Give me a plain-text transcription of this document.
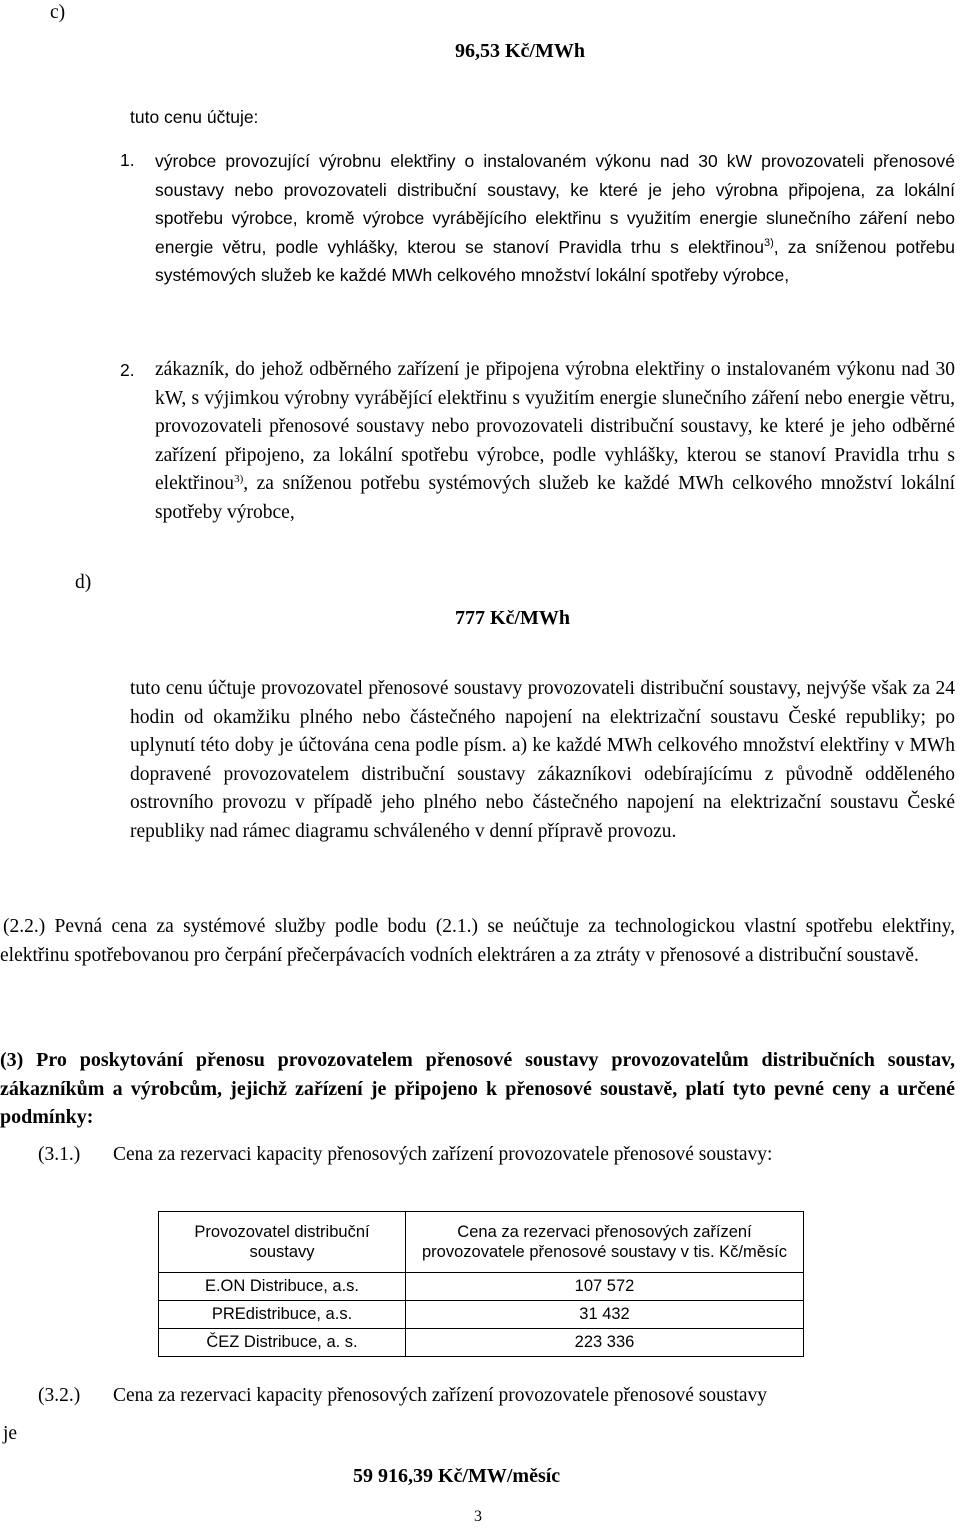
c)
96,53 Kč/MWh
tuto cenu účtuje:
1. výrobce provozující výrobnu elektřiny o instalovaném výkonu nad 30 kW provozovateli přenosové soustavy nebo provozovateli distribuční soustavy, ke které je jeho výrobna připojena, za lokální spotřebu výrobce, kromě výrobce vyrábějícího elektřinu s využitím energie slunečního záření nebo energie větru, podle vyhlášky, kterou se stanoví Pravidla trhu s elektřinou$^{3)}$, za sníženou potřebu systémových služeb ke každé MWh celkového množství lokální spotřeby výrobce,
2. zákazník, do jehož odběrného zařízení je připojena výrobna elektřiny o instalovaném výkonu nad 30 kW, s výjimkou výrobny vyrábějící elektřinu s využitím energie slunečního záření nebo energie větru, provozovateli přenosové soustavy nebo provozovateli distribuční soustavy, ke které je jeho odběrné zařízení připojeno, za lokální spotřebu výrobce, podle vyhlášky, kterou se stanoví Pravidla trhu s elektřinou$^{3)}$, za sníženou potřebu systémových služeb ke každé MWh celkového množství lokální spotřeby výrobce,
d)
777 Kč/MWh
tuto cenu účtuje provozovatel přenosové soustavy provozovateli distribuční soustavy, nejvýše však za 24 hodin od okamžiku plného nebo částečného napojení na elektrizační soustavu České republiky; po uplynutí této doby je účtována cena podle písm. a) ke každé MWh celkového množství elektřiny v MWh dopravené provozovatelem distribuční soustavy zákazníkovi odebírajícímu z původně odděleného ostrovního provozu v případě jeho plného nebo částečného napojení na elektrizační soustavu České republiky nad rámec diagramu schváleného v denní přípravě provozu.
(2.2.) Pevná cena za systémové služby podle bodu (2.1.) se neúčtuje za technologickou vlastní spotřebu elektřiny, elektřinu spotřebovanou pro čerpání přečerpávacích vodních elektráren a za ztráty v přenosové a distribuční soustavě.
(3) Pro poskytování přenosu provozovatelem přenosové soustavy provozovatelům distribučních soustav, zákazníkům a výrobcům, jejichž zařízení je připojeno k přenosové soustavě, platí tyto pevné ceny a určené podmínky:
(3.1.) Cena za rezervaci kapacity přenosových zařízení provozovatele přenosové soustavy:
Provozovatel distribuční soustavy	Cena za rezervaci přenosových zařízení provozovatele přenosové soustavy v tis. Kč/měsíc
E.ON Distribuce, a.s.	107 572
PREdistribuce, a.s.	31 432
ČEZ Distribuce, a. s.	223 336
(3.2.) Cena za rezervaci kapacity přenosových zařízení provozovatele přenosové soustavy
je
59 916,39 Kč/MW/měsíc
3
